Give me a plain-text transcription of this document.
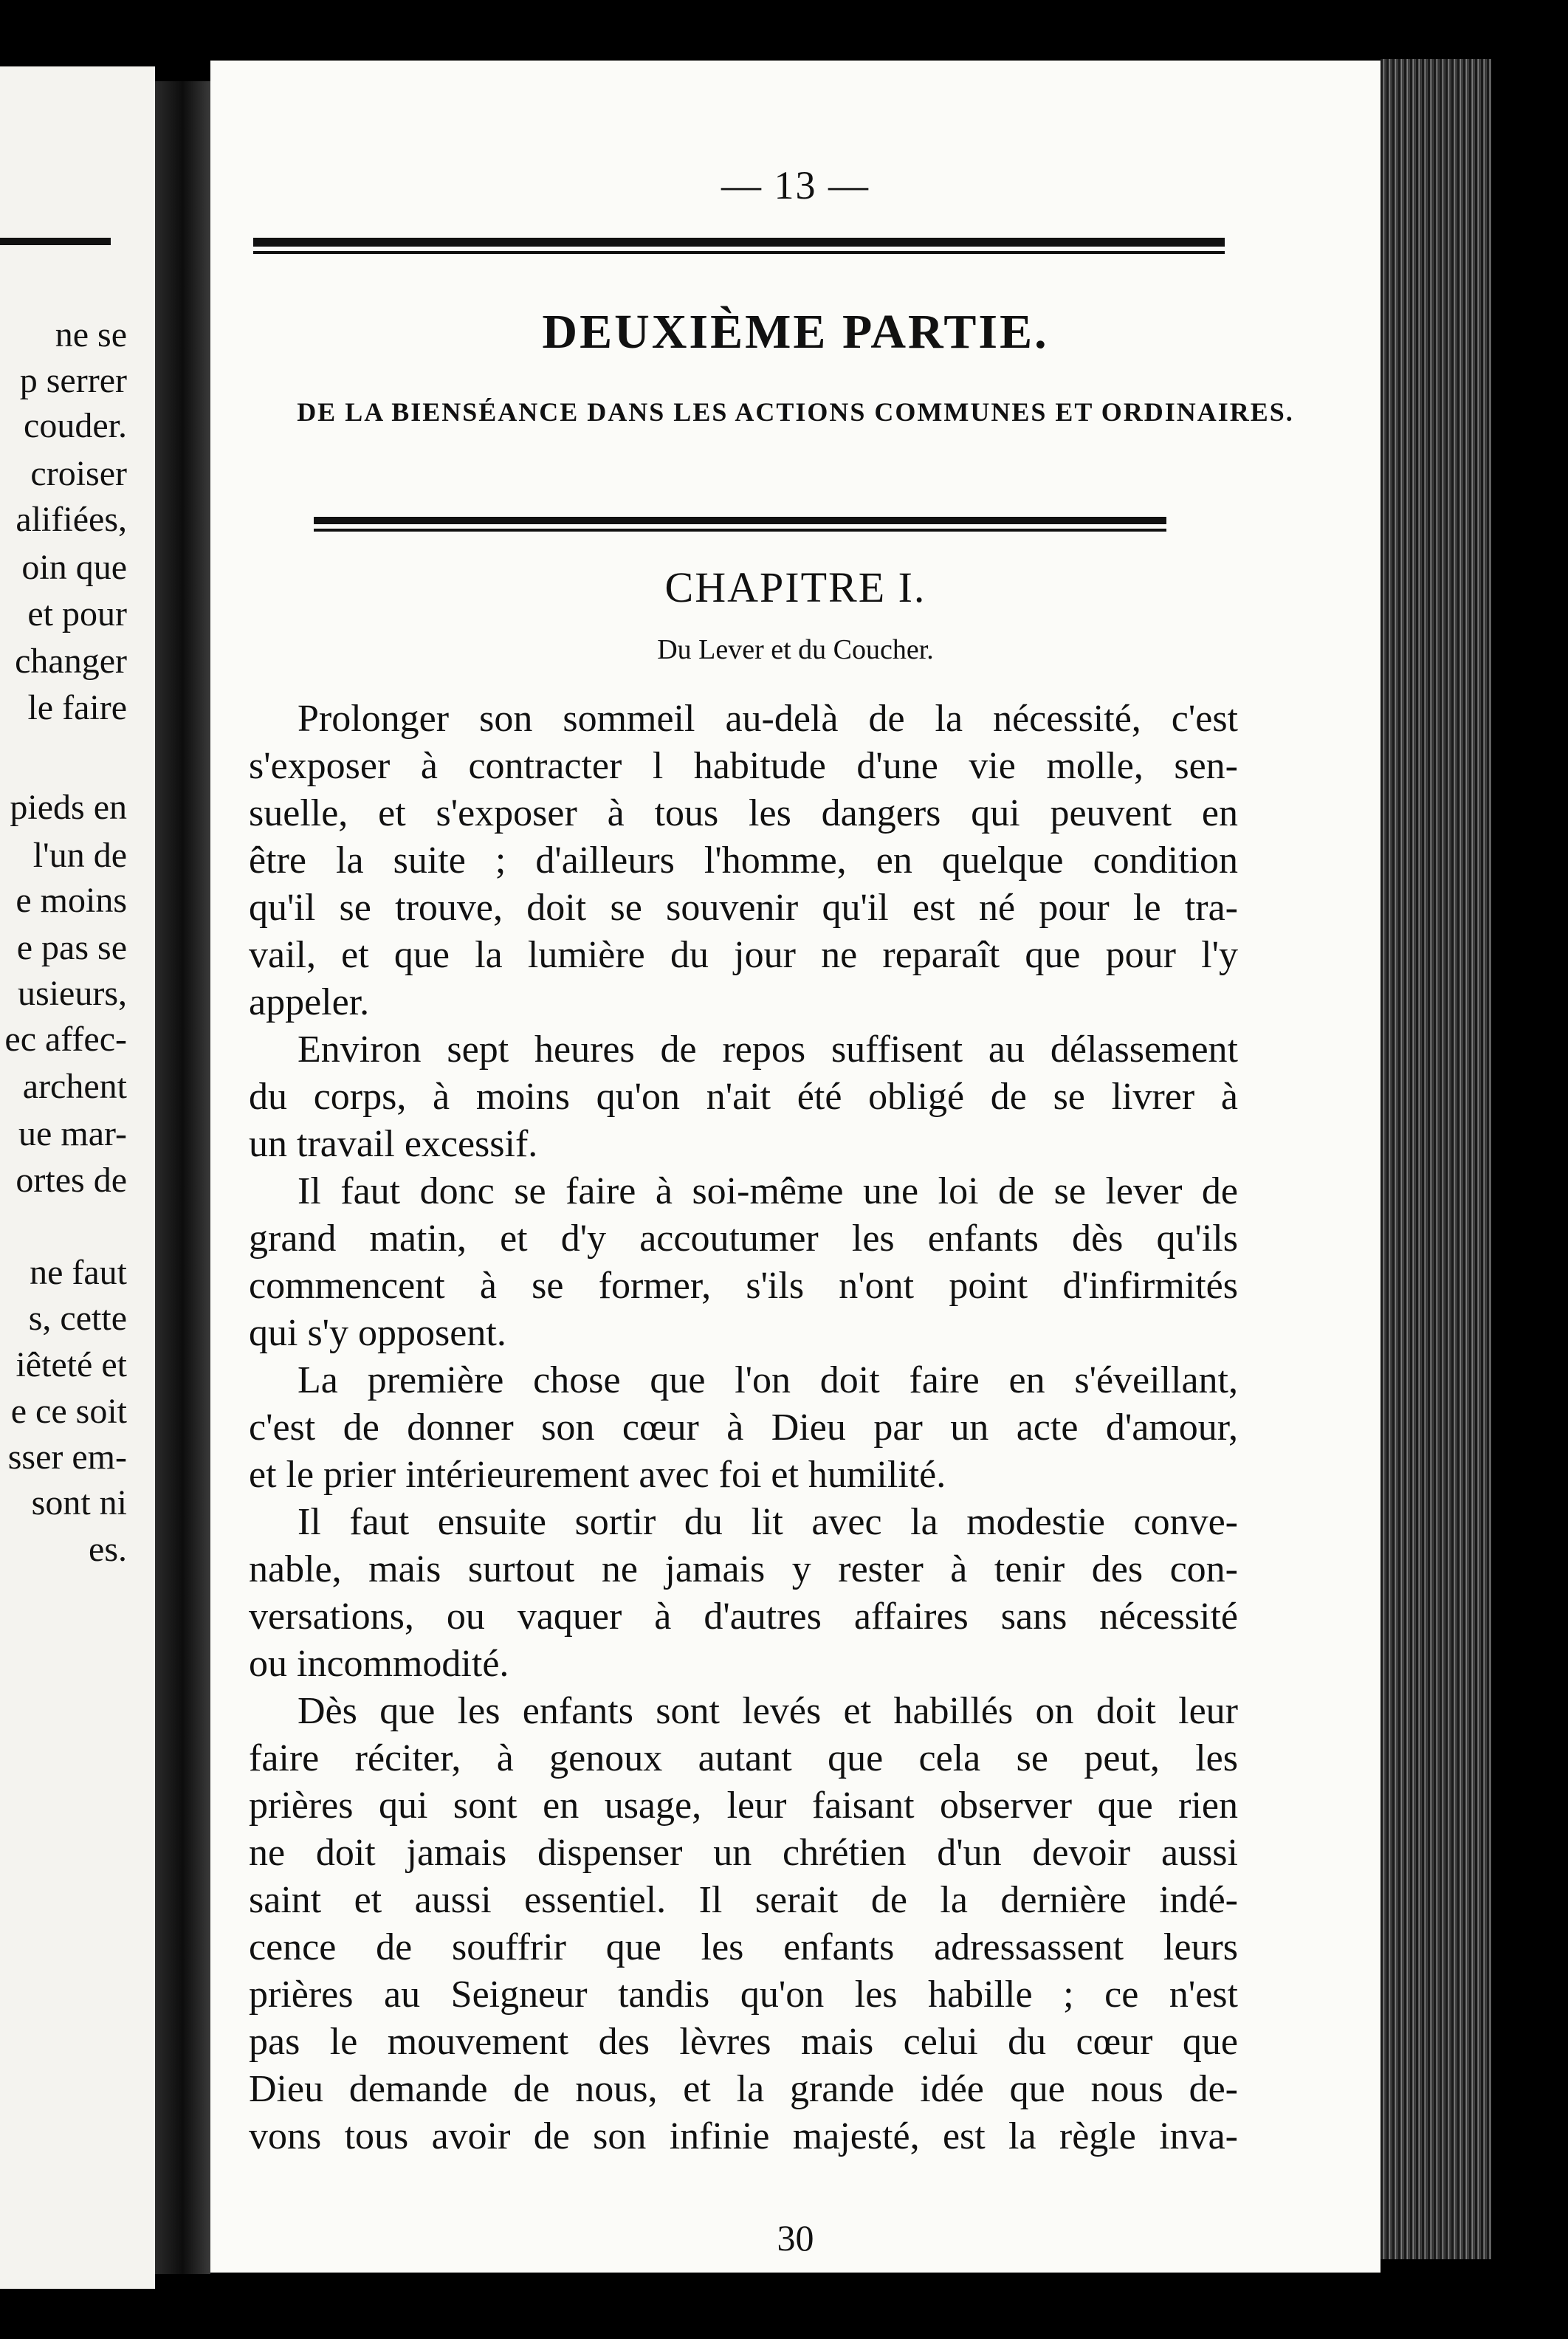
ne se
p serrer
couder.
croiser
alifiées,
oin que
et pour
changer
le faire
pieds en
l'un de
e moins
e pas se
usieurs,
ec affec-
archent
ue mar-
ortes de
ne faut
s, cette
iêteté et
e ce soit
sser em-
sont ni
es.
— 13 —
DEUXIÈME PARTIE.
DE LA BIENSÉANCE DANS LES ACTIONS COMMUNES ET ORDINAIRES.
CHAPITRE I.
Du Lever et du Coucher.
Prolonger son sommeil au-delà de la nécessité, c'est
s'exposer à contracter l habitude d'une vie molle, sen-
suelle, et s'exposer à tous les dangers qui peuvent en
être la suite ; d'ailleurs l'homme, en quelque condition
qu'il se trouve, doit se souvenir qu'il est né pour le tra-
vail, et que la lumière du jour ne reparaît que pour l'y
appeler.
Environ sept heures de repos suffisent au délassement
du corps, à moins qu'on n'ait été obligé de se livrer à
un travail excessif.
Il faut donc se faire à soi-même une loi de se lever de
grand matin, et d'y accoutumer les enfants dès qu'ils
commencent à se former, s'ils n'ont point d'infirmités
qui s'y opposent.
La première chose que l'on doit faire en s'éveillant,
c'est de donner son cœur à Dieu par un acte d'amour,
et le prier intérieurement avec foi et humilité.
Il faut ensuite sortir du lit avec la modestie conve-
nable, mais surtout ne jamais y rester à tenir des con-
versations, ou vaquer à d'autres affaires sans nécessité
ou incommodité.
Dès que les enfants sont levés et habillés on doit leur
faire réciter, à genoux autant que cela se peut, les
prières qui sont en usage, leur faisant observer que rien
ne doit jamais dispenser un chrétien d'un devoir aussi
saint et aussi essentiel. Il serait de la dernière indé-
cence de souffrir que les enfants adressassent leurs
prières au Seigneur tandis qu'on les habille ; ce n'est
pas le mouvement des lèvres mais celui du cœur que
Dieu demande de nous, et la grande idée que nous de-
vons tous avoir de son infinie majesté, est la règle inva-
30
